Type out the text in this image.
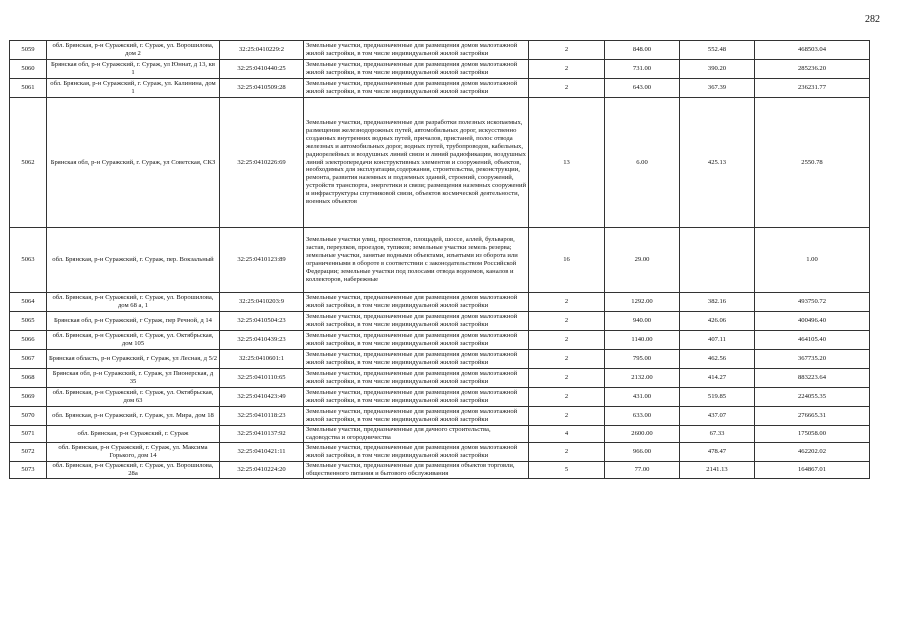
282
5059	обл. Брянская, р-н Суражский, г. Сураж, ул. Ворошилова, дом 2	32:25:0410229:2	Земельные участки, предназначенные для размещения домов малоэтажной жилой застройки, в том числе индивидуальной жилой застройки	2	848.00	552.48	468503.04
5060	Брянская обл, р-н Суражский, г. Сураж, ул Юннат, д 13, кв 1	32:25:0410440:25	Земельные участки, предназначенные для размещения домов малоэтажной жилой застройки, в том числе индивидуальной жилой застройки	2	731.00	390.20	285236.20
5061	обл. Брянская, р-н Суражский, г. Сураж, ул. Калинина, дом 1	32:25:0410509:28	Земельные участки, предназначенные для размещения домов малоэтажной жилой застройки, в том числе индивидуальной жилой застройки	2	643.00	367.39	236231.77
5062	Брянская обл, р-н Суражский, г. Сураж, ул Советская, СКЗ	32:25:0410226:69	Земельные участки, предназначенные для разработки полезных ископаемых, размещения железнодорожных путей, автомобильных дорог, искусственно созданных внутренних водных путей, причалов, пристаней, полос отвода железных и автомобильных дорог, водных путей, трубопроводов, кабельных, радиорелейных и воздушных линий связи и линий радиофикации, воздушных линий электропередачи конструктивных элементов и сооружений, объектов, необходимых для эксплуатации,содержания, строительства, реконструкции, ремонта, развития наземных и подземных зданий, строений, сооружений, устройств транспорта, энергетики и связи; размещения наземных сооружений и инфраструктуры спутниковой связи, объектов космической деятельности, военных объектов	13	6.00	425.13	2550.78
5063	обл. Брянская, р-н Суражский, г. Сураж, пер. Вокзальный	32:25:0410123:89	Земельные участки улиц, проспектов, площадей, шоссе, аллей, бульваров, застав, переулков, проездов, тупиков; земельные участки земель резерва; земельные участки, занятые водными объектами, изъятыми из оборота или ограниченными в обороте в соответствии с законодательством Российской Федерации; земельные участки под полосами отвода водоемов, каналов и коллекторов, набережные	16	29.00		1.00
5064	обл. Брянская, р-н Суражский, г. Сураж, ул. Ворошилова, дом 68 а, 1	32:25:0410203:9	Земельные участки, предназначенные для размещения домов малоэтажной жилой застройки, в том числе индивидуальной жилой застройки	2	1292.00	382.16	493750.72
5065	Брянская обл, р-н Суражский, г Сураж, пер Речной, д 14	32:25:0410504:23	Земельные участки, предназначенные для размещения домов малоэтажной жилой застройки, в том числе индивидуальной жилой застройки	2	940.00	426.06	400496.40
5066	обл. Брянская, р-н Суражский, г. Сураж, ул. Октябрьская, дом 105	32:25:0410439:23	Земельные участки, предназначенные для размещения домов малоэтажной жилой застройки, в том числе индивидуальной жилой застройки	2	1140.00	407.11	464105.40
5067	Брянская область, р-н Суражский, г Сураж, ул Лесная, д 5/2	32:25:0410601:1	Земельные участки, предназначенные для размещения домов малоэтажной жилой застройки, в том числе индивидуальной жилой застройки	2	795.00	462.56	367735.20
5068	Брянская обл, р-н Суражский, г. Сураж, ул Пионерская, д 35	32:25:0410110:65	Земельные участки, предназначенные для размещения домов малоэтажной жилой застройки, в том числе индивидуальной жилой застройки	2	2132.00	414.27	883223.64
5069	обл. Брянская, р-н Суражский, г. Сураж, ул. Октябрьская, дом 63	32:25:0410423:49	Земельные участки, предназначенные для размещения домов малоэтажной жилой застройки, в том числе индивидуальной жилой застройки	2	431.00	519.85	224055.35
5070	обл. Брянская, р-н Суражский, г. Сураж, ул. Мира, дом 18	32:25:0410118:23	Земельные участки, предназначенные для размещения домов малоэтажной жилой застройки, в том числе индивидуальной жилой застройки	2	633.00	437.07	276665.31
5071	обл. Брянская, р-н Суражский, г. Сураж	32:25:0410137:92	Земельные участки, предназначенные для дачного строительства, садоводства и огородничества	4	2600.00	67.33	175058.00
5072	обл. Брянская, р-н Суражский, г. Сураж, ул. Максима Горького, дом 14	32:25:0410421:11	Земельные участки, предназначенные для размещения домов малоэтажной жилой застройки, в том числе индивидуальной жилой застройки	2	966.00	478.47	462202.02
5073	обл. Брянская, р-н Суражский, г. Сураж, ул. Ворошилова, 28а	32:25:0410224:20	Земельные участки, предназначенные для размещения объектов торговли, общественного питания и бытового обслуживания	5	77.00	2141.13	164867.01
